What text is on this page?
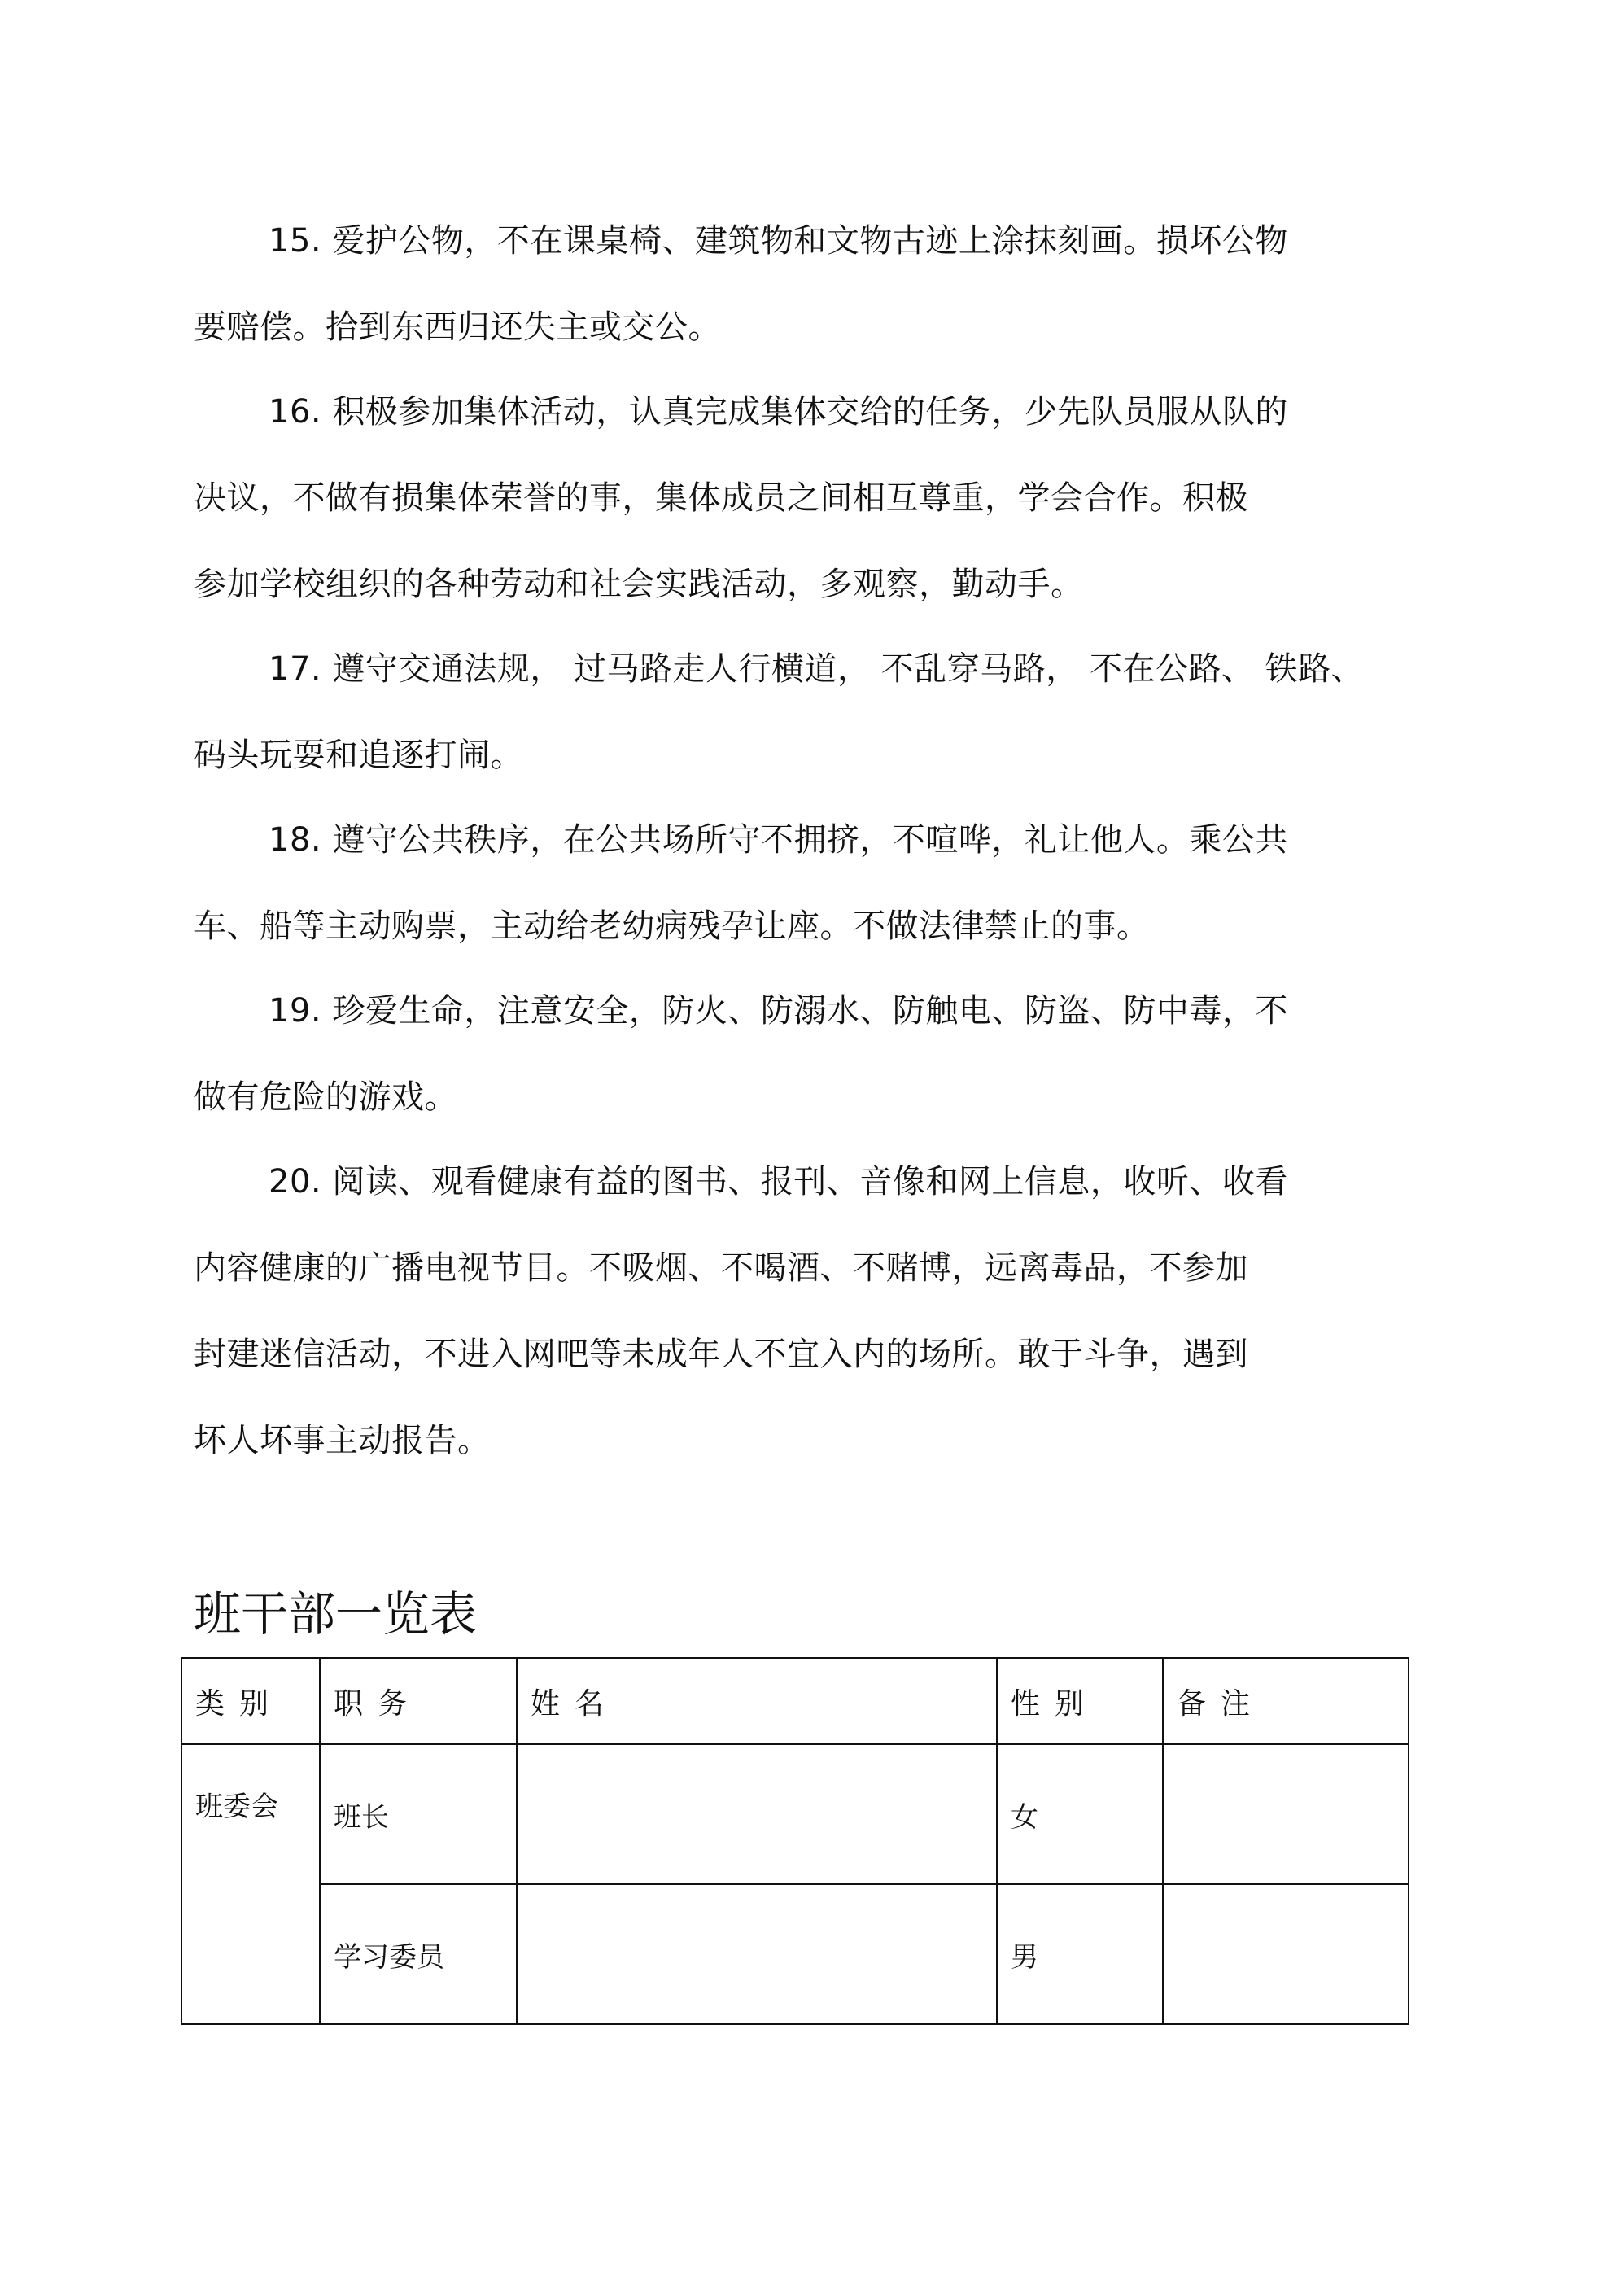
15. 爱护公物，不在课桌椅、建筑物和文物古迹上涂抹刻画。损坏公物
要赔偿。拾到东西归还失主或交公。
16. 积极参加集体活动，认真完成集体交给的任务，少先队员服从队的
决议，不做有损集体荣誉的事，集体成员之间相互尊重，学会合作。积极
参加学校组织的各种劳动和社会实践活动，多观察，勤动手。
17. 遵守交通法规， 过马路走人行横道， 不乱穿马路， 不在公路、 铁路、
码头玩耍和追逐打闹。
18. 遵守公共秩序，在公共场所守不拥挤，不喧哗，礼让他人。乘公共
车、船等主动购票，主动给老幼病残孕让座。不做法律禁止的事。
19. 珍爱生命，注意安全，防火、防溺水、防触电、防盗、防中毒，不
做有危险的游戏。
20. 阅读、观看健康有益的图书、报刊、音像和网上信息，收听、收看
内容健康的广播电视节目。不吸烟、不喝酒、不赌博，远离毒品，不参加
封建迷信活动，不进入网吧等未成年人不宜入内的场所。敢于斗争，遇到
坏人坏事主动报告。
班干部一览表
类别	职务	姓名	性别	备注
班委会	班长		女	
	学习委员		男	
